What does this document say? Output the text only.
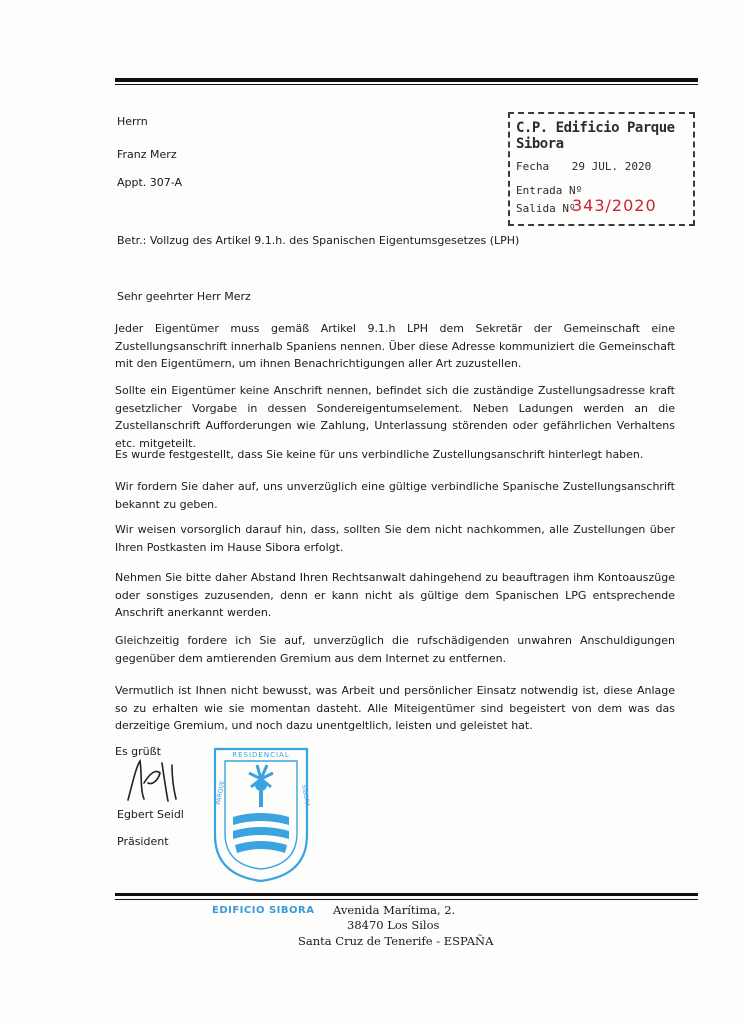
Herrn
Franz Merz
Appt. 307-A
C.P. Edificio Parque Sibora
Fecha 29 JUL. 2020
Entrada Nº
Salida Nº
343/2020
Betr.: Vollzug des Artikel 9.1.h. des Spanischen Eigentumsgesetzes (LPH)
Sehr geehrter Herr Merz
Jeder Eigentümer muss gemäß Artikel 9.1.h LPH dem Sekretär der Gemeinschaft eine Zustellungsanschrift innerhalb Spaniens nennen. Über diese Adresse kommuniziert die Gemeinschaft mit den Eigentümern, um ihnen Benachrichtigungen aller Art zuzustellen.
Sollte ein Eigentümer keine Anschrift nennen, befindet sich die zuständige Zustellungsadresse kraft gesetzlicher Vorgabe in dessen Sondereigentumselement. Neben Ladungen werden an die Zustellanschrift Aufforderungen wie Zahlung, Unterlassung störenden oder gefährlichen Verhaltens etc. mitgeteilt.
Es wurde festgestellt, dass Sie keine für uns verbindliche Zustellungsanschrift hinterlegt haben.
Wir fordern Sie daher auf, uns unverzüglich eine gültige verbindliche Spanische Zustellungsanschrift bekannt zu geben.
Wir weisen vorsorglich darauf hin, dass, sollten Sie dem nicht nachkommen, alle Zustellungen über Ihren Postkasten im Hause Sibora erfolgt.
Nehmen Sie bitte daher Abstand Ihren Rechtsanwalt dahingehend zu beauftragen ihm Kontoauszüge oder sonstiges zuzusenden, denn er kann nicht als gültige dem Spanischen LPG entsprechende Anschrift anerkannt werden.
Gleichzeitig fordere ich Sie auf, unverzüglich die rufschädigenden unwahren Anschuldigungen gegenüber dem amtierenden Gremium aus dem Internet zu entfernen.
Vermutlich ist Ihnen nicht bewusst, was Arbeit und persönlicher Einsatz notwendig ist, diese Anlage so zu erhalten wie sie momentan dasteht. Alle Miteigentümer sind begeistert von dem was das derzeitige Gremium, und noch dazu unentgeltlich, leisten und geleistet hat.
Es grüßt
Egbert Seidl
Präsident
RESIDENCIAL
PARQUE	SIBORA
EDIFICIO SIBORA Avenida Marítima, 2.
38470 Los Silos
Santa Cruz de Tenerife - ESPAÑA
